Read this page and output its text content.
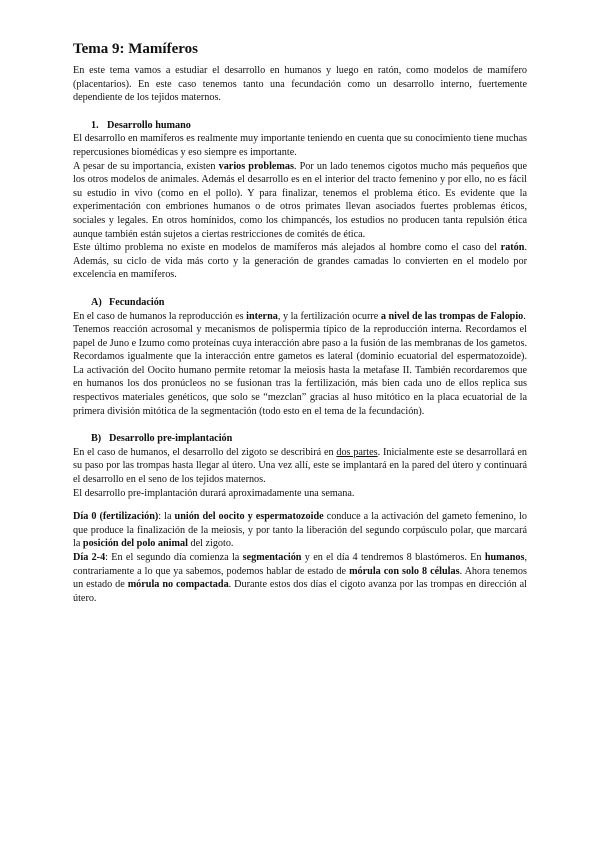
Tema 9: Mamíferos

En este tema vamos a estudiar el desarrollo en humanos y luego en ratón, como modelos de mamífero (placentarios). En este caso tenemos tanto una fecundación como un desarrollo interno, fuertemente dependiente de los tejidos maternos.

1. Desarrollo humano

El desarrollo en mamíferos es realmente muy importante teniendo en cuenta que su conocimiento tiene muchas repercusiones biomédicas y eso siempre es importante.

A pesar de su importancia, existen varios problemas. Por un lado tenemos cigotos mucho más pequeños que los otros modelos de animales. Además el desarrollo es en el interior del tracto femenino y por ello, no es fácil su estudio in vivo (como en el pollo). Y para finalizar, tenemos el problema ético. Es evidente que la experimentación con embriones humanos o de otros primates llevan asociados fuertes problemas éticos, sociales y legales. En otros homínidos, como los chimpancés, los estudios no producen tanta repulsión ética aunque también están sujetos a ciertas restricciones de comités de ética.

Este último problema no existe en modelos de mamíferos más alejados al hombre como el caso del ratón. Además, su ciclo de vida más corto y la generación de grandes camadas lo convierten en el modelo por excelencia en mamíferos.

A) Fecundación

En el caso de humanos la reproducción es interna, y la fertilización ocurre a nivel de las trompas de Falopio.

Tenemos reacción acrosomal y mecanismos de polispermia típico de la reproducción interna. Recordamos el papel de Juno e Izumo como proteínas cuya interacción abre paso a la fusión de las membranas de los gametos. Recordamos igualmente que la interacción entre gametos es lateral (dominio ecuatorial del espermatozoide). La activación del Oocito humano permite retomar la meiosis hasta la metafase II. También recordaremos que en humanos los dos pronúcleos no se fusionan tras la fertilización, más bien cada uno de ellos replica sus respectivos materiales genéticos, que solo se “mezclan” gracias al huso mitótico en la placa ecuatorial de la primera división mitótica de la segmentación (todo esto en el tema de la fecundación).

B) Desarrollo pre-implantación

En el caso de humanos, el desarrollo del zigoto se describirá en dos partes. Inicialmente este se desarrollará en su paso por las trompas hasta llegar al útero. Una vez allí, este se implantará en la pared del útero y continuará el desarrollo en el seno de los tejidos maternos.

El desarrollo pre-implantación durará aproximadamente una semana.

Día 0 (fertilización): la unión del oocito y espermatozoide conduce a la activación del gameto femenino, lo que produce la finalización de la meiosis, y por tanto la liberación del segundo corpúsculo polar, que marcará la posición del polo animal del zigoto.

Día 2-4: En el segundo día comienza la segmentación y en el día 4 tendremos 8 blastómeros. En humanos, contrariamente a lo que ya sabemos, podemos hablar de estado de mórula con solo 8 células. Ahora tenemos un estado de mórula no compactada. Durante estos dos días el cigoto avanza por las trompas en dirección al útero.
